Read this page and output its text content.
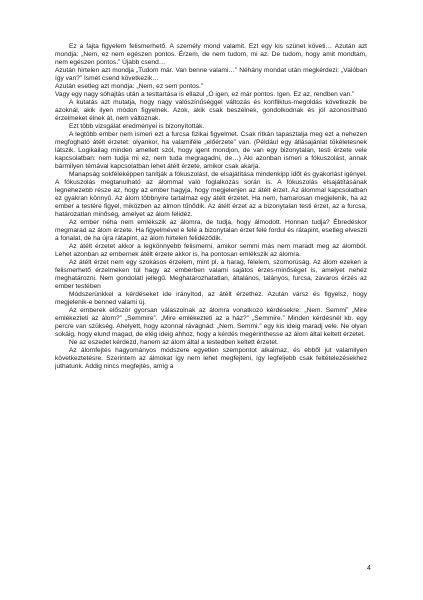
Ez a fajta figyelem felismerhető. A személy mond valamit. Ezt egy kis szünet követi… Azután azt mondja: „Nem, ez nem egészen pontos. Érzem, de nem tudom, mi az. De tudom, hogy amit mondtam, nem egészen pontos.” Újabb csend…

Azután hirtelen azt mondja „Tudom már. Van benne valami…” Néhány mondat után megkérdezi: „Valóban így van?” Ismét csend következik…

Azután esetleg azt mondja: „Nem, ez sem pontos.”

Vagy egy nagy sóhajtás után a testtartása is ellazul „Ó igen, ez már pontos. Igen. Ez az, rendben van.”

A kutatás azt mutatja, hogy nagy valószínűséggel változás és konfliktus-megoldás következik be azoknál, akik ilyen módon figyelnek. Azok, akik csak beszélnek, gondolkodnak és jól azonosítható érzelmeket élnek át, nem változnak.

Ezt több vizsgálat eredményei is bizonyították.

A legtöbb ember nem ismeri ezt a furcsa fizikai figyelmet. Csak ritkán tapasztalja meg ezt a nehezen megfogható átélt érzetet: olyankor, ha valamiféle „előérzete” van. (Például egy állásajánlat tökéletesnek látszik. Logikailag minden amellett szól, hogy igent mondjon, de van egy bizonytalan, testi érzete vele kapcsolatban: nem tudja mi ez, nem tuda megragadni, de…) Aki azonban ismeri a fókuszolást, annak bármilyen témával kapcsolatban lehet átélt érzete, amikor csak akarja.

Manapság sokféleképpen tanítják a fókuszolást, de elsajátítása mindenkipp időt és gyakorlást igényel. A fókuszolás megtanulható az álommal való foglalkozás során is. A fókuszolás elsajátításának legnehezebb része az, hogy az ember hagyja, hogy megjelenjen az átélt érzet. Az álommal kapcsolatban ez gyakran könnyű. Az álom többnyire tartalmaz egy átélt érzetet. Ha nem, hamarosan megjelenik, ha az ember a testére figyel, miközben az álmon tűnődik. Az átélt érzet az a bizonytalan testi érzet, az a furcsa, határozatlan minőség, amelyet az álom felidéz.

Az ember néha nem emlékszik az álomra, de tudja, hogy álmodott. Honnan tudja? Ébredéskor megmarad az álom érzete. Ha figyelmével e felé a bizonytalan érzet felé fordul és rátapint, esetleg elveszti a fonalat, de ha újra rátapint, az álom hirtelen felidéződik.

Az átélt érzetet akkor a legkönnyebb felismerni, amikor semmi más nem maradt meg az álomból. Lehet azonban az embernek átélt érzete akkor is, ha pontosan emlékszik az álomra.

Az átélt érzet nem egy szokásos érzelem, mint pl. a harag, félelem, szomorúság. Az álom ezeken a felismerhető érzelmeken túl hagy az emberben valami sajátos érzés-minőséget is, amelyet nehéz meghatározni. Nem gondolati jellegű. Meghatározhatatlan, általános, talányos, furcsa, zavaros érzés az ember testében

Módszerünkkel a kérdéseket ide irányítod, az átélt érzethez. Azután vársz és figyelsz, hogy megjelenik-e benned valami új.

Az emberek először gyorsan válaszolnak az álomra vonatkozó kérdésekre: „Nem. Semmi” „Mire emlékezteti az álom?” „Semmire”. „Mire emlékezteti az a ház?” „Semmire.” Minden kérdésnél kb. egy percre van szükség. Ahelyett, hogy azonnal rávágnád: „Nem. Semmi.” egy kis ideig maradj vele. Ne olyan sokáig, hogy elund magad, de elég ideig ahhoz, hogy a kérdés megérinthesse az álom által keltett érzetet.

Ne az eszedet kérdezd, hanem az álom által a testedben keltett érzetet.

Az álomfejtés hagyományos módszere egyetlen szempontot alkalmaz, és ebből jut valamilyen következtetésre. Szerintem az álmokat így nem lehet megfejteni, így legfeljebb csak feltételezésekhez juthatunk. Addig nincs megfejtés, amíg a

4
